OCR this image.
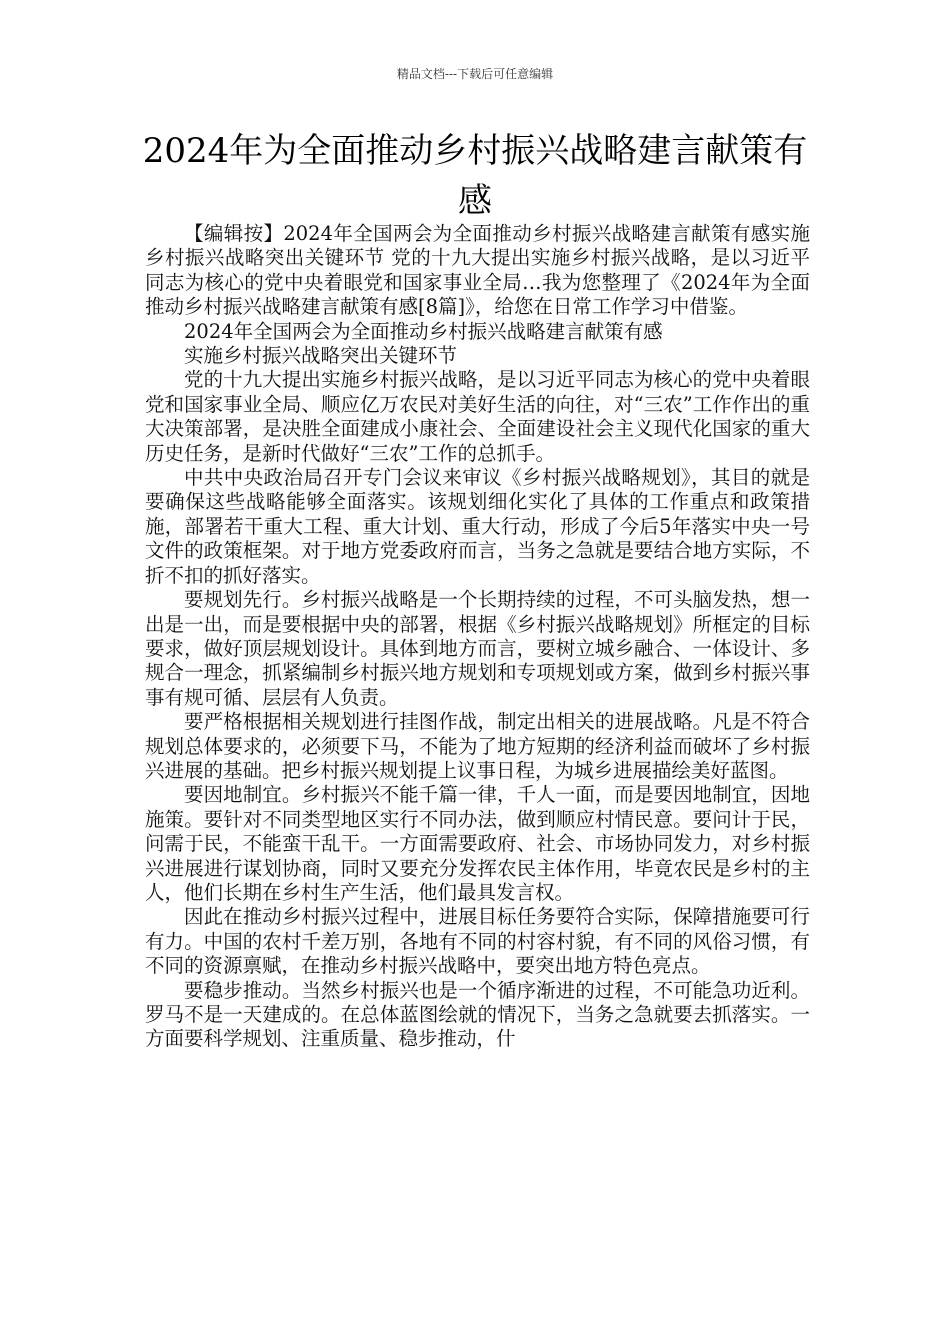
精品文档---下载后可任意编辑
2024年为全面推动乡村振兴战略建言献策有感

【编辑按】2024年全国两会为全面推动乡村振兴战略建言献策有感实施乡村振兴战略突出关键环节 党的十九大提出实施乡村振兴战略，是以习近平同志为核心的党中央着眼党和国家事业全局…我为您整理了《2024年为全面推动乡村振兴战略建言献策有感[8篇]》，给您在日常工作学习中借鉴。

2024年全国两会为全面推动乡村振兴战略建言献策有感

实施乡村振兴战略突出关键环节

党的十九大提出实施乡村振兴战略，是以习近平同志为核心的党中央着眼党和国家事业全局、顺应亿万农民对美好生活的向往，对“三农”工作作出的重大决策部署，是决胜全面建成小康社会、全面建设社会主义现代化国家的重大历史任务，是新时代做好“三农”工作的总抓手。

中共中央政治局召开专门会议来审议《乡村振兴战略规划》，其目的就是要确保这些战略能够全面落实。该规划细化实化了具体的工作重点和政策措施，部署若干重大工程、重大计划、重大行动，形成了今后5年落实中央一号文件的政策框架。对于地方党委政府而言，当务之急就是要结合地方实际，不折不扣的抓好落实。

要规划先行。乡村振兴战略是一个长期持续的过程，不可头脑发热，想一出是一出，而是要根据中央的部署，根据《乡村振兴战略规划》所框定的目标要求，做好顶层规划设计。具体到地方而言，要树立城乡融合、一体设计、多规合一理念，抓紧编制乡村振兴地方规划和专项规划或方案，做到乡村振兴事事有规可循、层层有人负责。

要严格根据相关规划进行挂图作战，制定出相关的进展战略。凡是不符合规划总体要求的，必须要下马，不能为了地方短期的经济利益而破坏了乡村振兴进展的基础。把乡村振兴规划提上议事日程，为城乡进展描绘美好蓝图。

要因地制宜。乡村振兴不能千篇一律，千人一面，而是要因地制宜，因地施策。要针对不同类型地区实行不同办法，做到顺应村情民意。要问计于民，问需于民，不能蛮干乱干。一方面需要政府、社会、市场协同发力，对乡村振兴进展进行谋划协商，同时又要充分发挥农民主体作用，毕竟农民是乡村的主人，他们长期在乡村生产生活，他们最具发言权。

因此在推动乡村振兴过程中，进展目标任务要符合实际，保障措施要可行有力。中国的农村千差万别，各地有不同的村容村貌，有不同的风俗习惯，有不同的资源禀赋，在推动乡村振兴战略中，要突出地方特色亮点。

要稳步推动。当然乡村振兴也是一个循序渐进的过程，不可能急功近利。罗马不是一天建成的。在总体蓝图绘就的情况下，当务之急就要去抓落实。一方面要科学规划、注重质量、稳步推动，什
